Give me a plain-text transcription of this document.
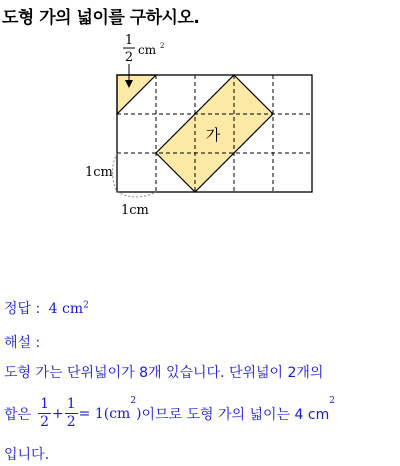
도형 가의 넓이를 구하시오.
1
2 cm 2
가
1cm
1cm
정답 : 4 $cm^2$
해설 :
도형 가는 단위넓이가 8개 있습니다. 단위넓이 2개의
합은 $\frac{1}{2} + \frac{1}{2} = 1(cm$
$^2$
) 이므로 도형 가의 넓이는 4 cm
$^2$
입니다.
